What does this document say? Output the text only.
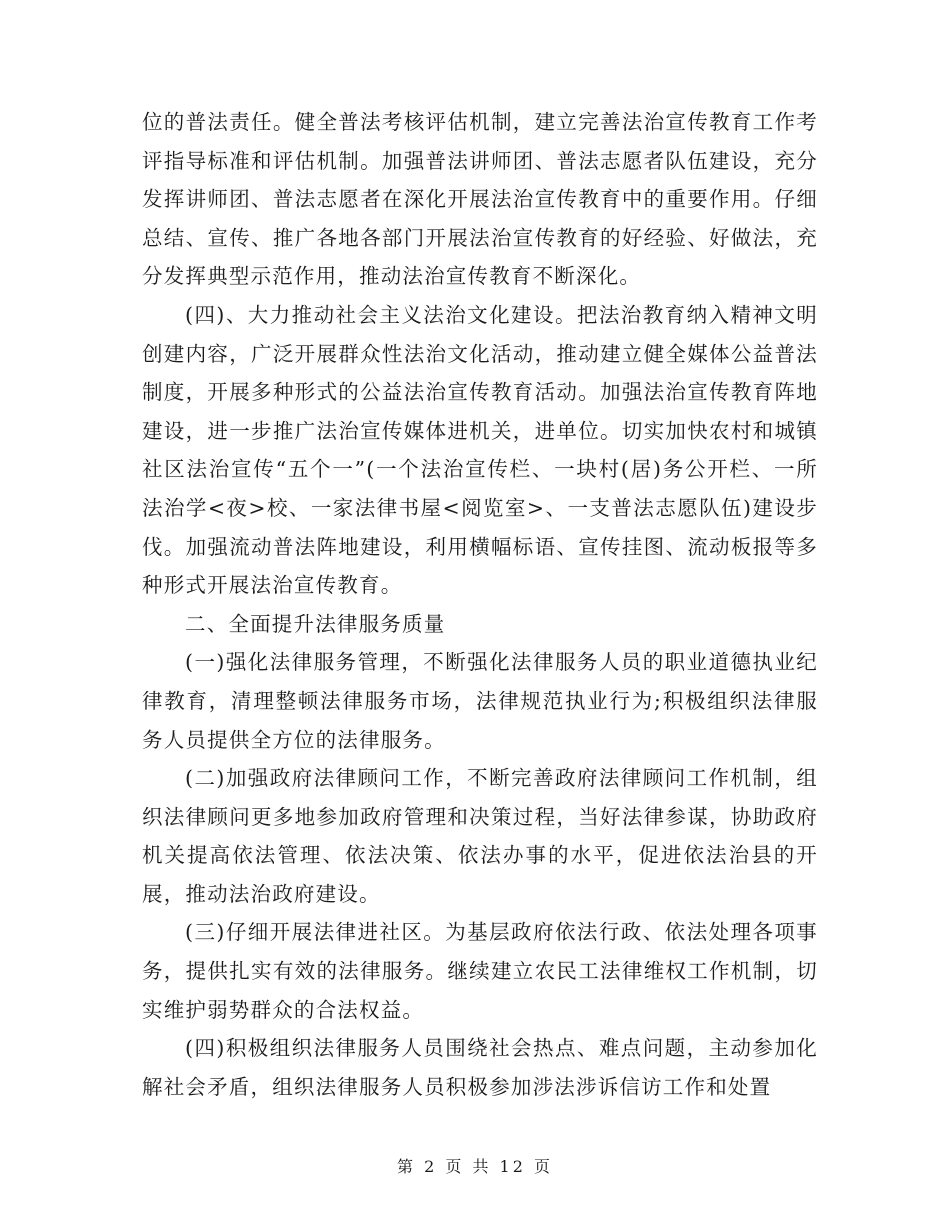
位的普法责任。健全普法考核评估机制，建立完善法治宣传教育工作考评指导标准和评估机制。加强普法讲师团、普法志愿者队伍建设，充分发挥讲师团、普法志愿者在深化开展法治宣传教育中的重要作用。仔细总结、宣传、推广各地各部门开展法治宣传教育的好经验、好做法，充分发挥典型示范作用，推动法治宣传教育不断深化。

(四)、大力推动社会主义法治文化建设。把法治教育纳入精神文明创建内容，广泛开展群众性法治文化活动，推动建立健全媒体公益普法制度，开展多种形式的公益法治宣传教育活动。加强法治宣传教育阵地建设，进一步推广法治宣传媒体进机关，进单位。切实加快农村和城镇社区法治宣传“五个一”(一个法治宣传栏、一块村(居)务公开栏、一所法治学<夜>校、一家法律书屋<阅览室>、一支普法志愿队伍)建设步伐。加强流动普法阵地建设，利用横幅标语、宣传挂图、流动板报等多种形式开展法治宣传教育。

二、全面提升法律服务质量

(一)强化法律服务管理，不断强化法律服务人员的职业道德执业纪律教育，清理整顿法律服务市场，法律规范执业行为;积极组织法律服务人员提供全方位的法律服务。

(二)加强政府法律顾问工作，不断完善政府法律顾问工作机制，组织法律顾问更多地参加政府管理和决策过程，当好法律参谋，协助政府机关提高依法管理、依法决策、依法办事的水平，促进依法治县的开展，推动法治政府建设。

(三)仔细开展法律进社区。为基层政府依法行政、依法处理各项事务，提供扎实有效的法律服务。继续建立农民工法律维权工作机制，切实维护弱势群众的合法权益。

(四)积极组织法律服务人员围绕社会热点、难点问题，主动参加化解社会矛盾，组织法律服务人员积极参加涉法涉诉信访工作和处置

第 2 页 共 12 页
